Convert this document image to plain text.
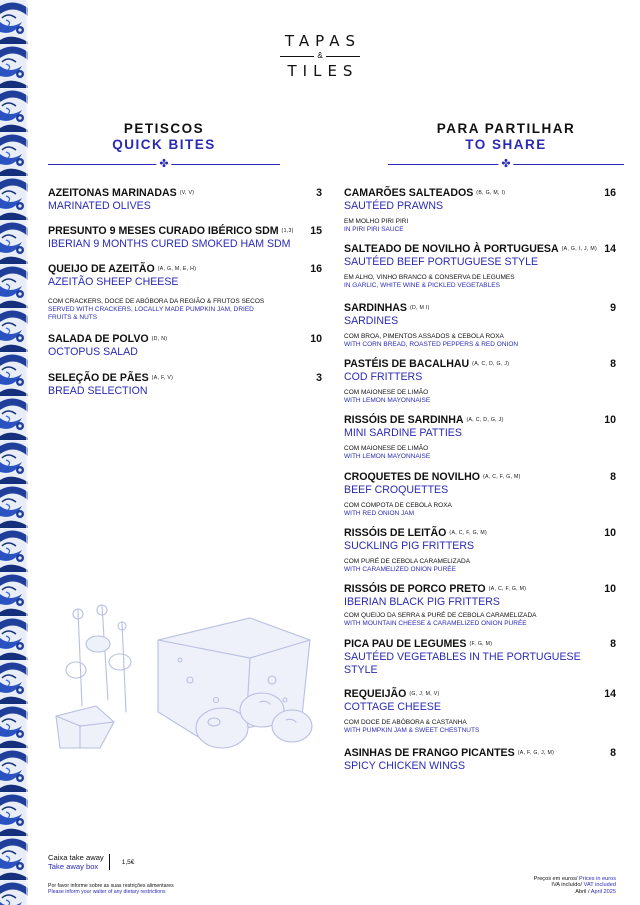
TAPAS
&
TILES
PETISCOS
QUICK BITES
✤
PARA PARTILHAR
TO SHARE
✤
AZEITONAS MARINADAS (V, V)
MARINATED OLIVES
3
PRESUNTO 9 MESES CURADO IBÉRICO SDM (1,3)
IBERIAN 9 MONTHS CURED SMOKED HAM SDM
15
QUEIJO DE AZEITÃO (A, G, M, E, H)
AZEITÃO SHEEP CHEESE
COM CRACKERS, DOCE DE ABÓBORA DA REGIÃO & FRUTOS SECOS
SERVED WITH CRACKERS, LOCALLY MADE PUMPKIN JAM, DRIED FRUITS & NUTS
16
SALADA DE POLVO (D, N)
OCTOPUS SALAD
10
SELEÇÃO DE PÃES (A, F, V)
BREAD SELECTION
3
CAMARÕES SALTEADOS (B, G, M, I)
SAUTÉED PRAWNS
EM MOLHO PIRI PIRI
IN PIRI PIRI SAUCE
16
SALTEADO DE NOVILHO À PORTUGUESA (A, G, I, J, M)
SAUTÉED BEEF PORTUGUESE STYLE
EM ALHO, VINHO BRANCO & CONSERVA DE LEGUMES
IN GARLIC, WHITE WINE & PICKLED VEGETABLES
14
SARDINHAS (D, M I)
SARDINES
COM BROA, PIMENTOS ASSADOS & CEBOLA ROXA
WITH CORN BREAD, ROASTED PEPPERS & RED ONION
9
PASTÉIS DE BACALHAU (A, C, D, G, J)
COD FRITTERS
COM MAIONESE DE LIMÃO
WITH LEMON MAYONNAISE
8
RISSÓIS DE SARDINHA (A, C, D, G, J)
MINI SARDINE PATTIES
COM MAIONESE DE LIMÃO
WITH LEMON MAYONNAISE
10
CROQUETES DE NOVILHO (A, C, F, G, M)
BEEF CROQUETTES
COM COMPOTA DE CEBOLA ROXA
WITH RED ONION JAM
8
RISSÓIS DE LEITÃO (A, C, F, G, M)
SUCKLING PIG FRITTERS
COM PURÉ DE CEBOLA CARAMELIZADA
WITH CARAMELIZED ONION PURÉE
10
RISSÓIS DE PORCO PRETO (A, C, F, G, M)
IBERIAN BLACK PIG FRITTERS
COM QUEIJO DA SERRA & PURÉ DE CEBOLA CARAMELIZADA
WITH MOUNTAIN CHEESE & CARAMELIZED ONION PURÉE
10
PICA PAU DE LEGUMES (F, G, M)
SAUTÉED VEGETABLES IN THE PORTUGUESE STYLE
8
REQUEIJÃO (G, J, M, V)
COTTAGE CHEESE
COM DOCE DE ABÓBORA & CASTANHA
WITH PUMPKIN JAM & SWEET CHESTNUTS
14
ASINHAS DE FRANGO PICANTES (A, F, G, J, M)
SPICY CHICKEN WINGS
8
Caixa take away
Take away box	1,5€
Por favor informe sobre as suas restrições alimentares
Please inform your waiter of any dietary restrictions
Preços em euros/ Prices in euros
IVA incluído/ VAT included
Abril / April 2025
